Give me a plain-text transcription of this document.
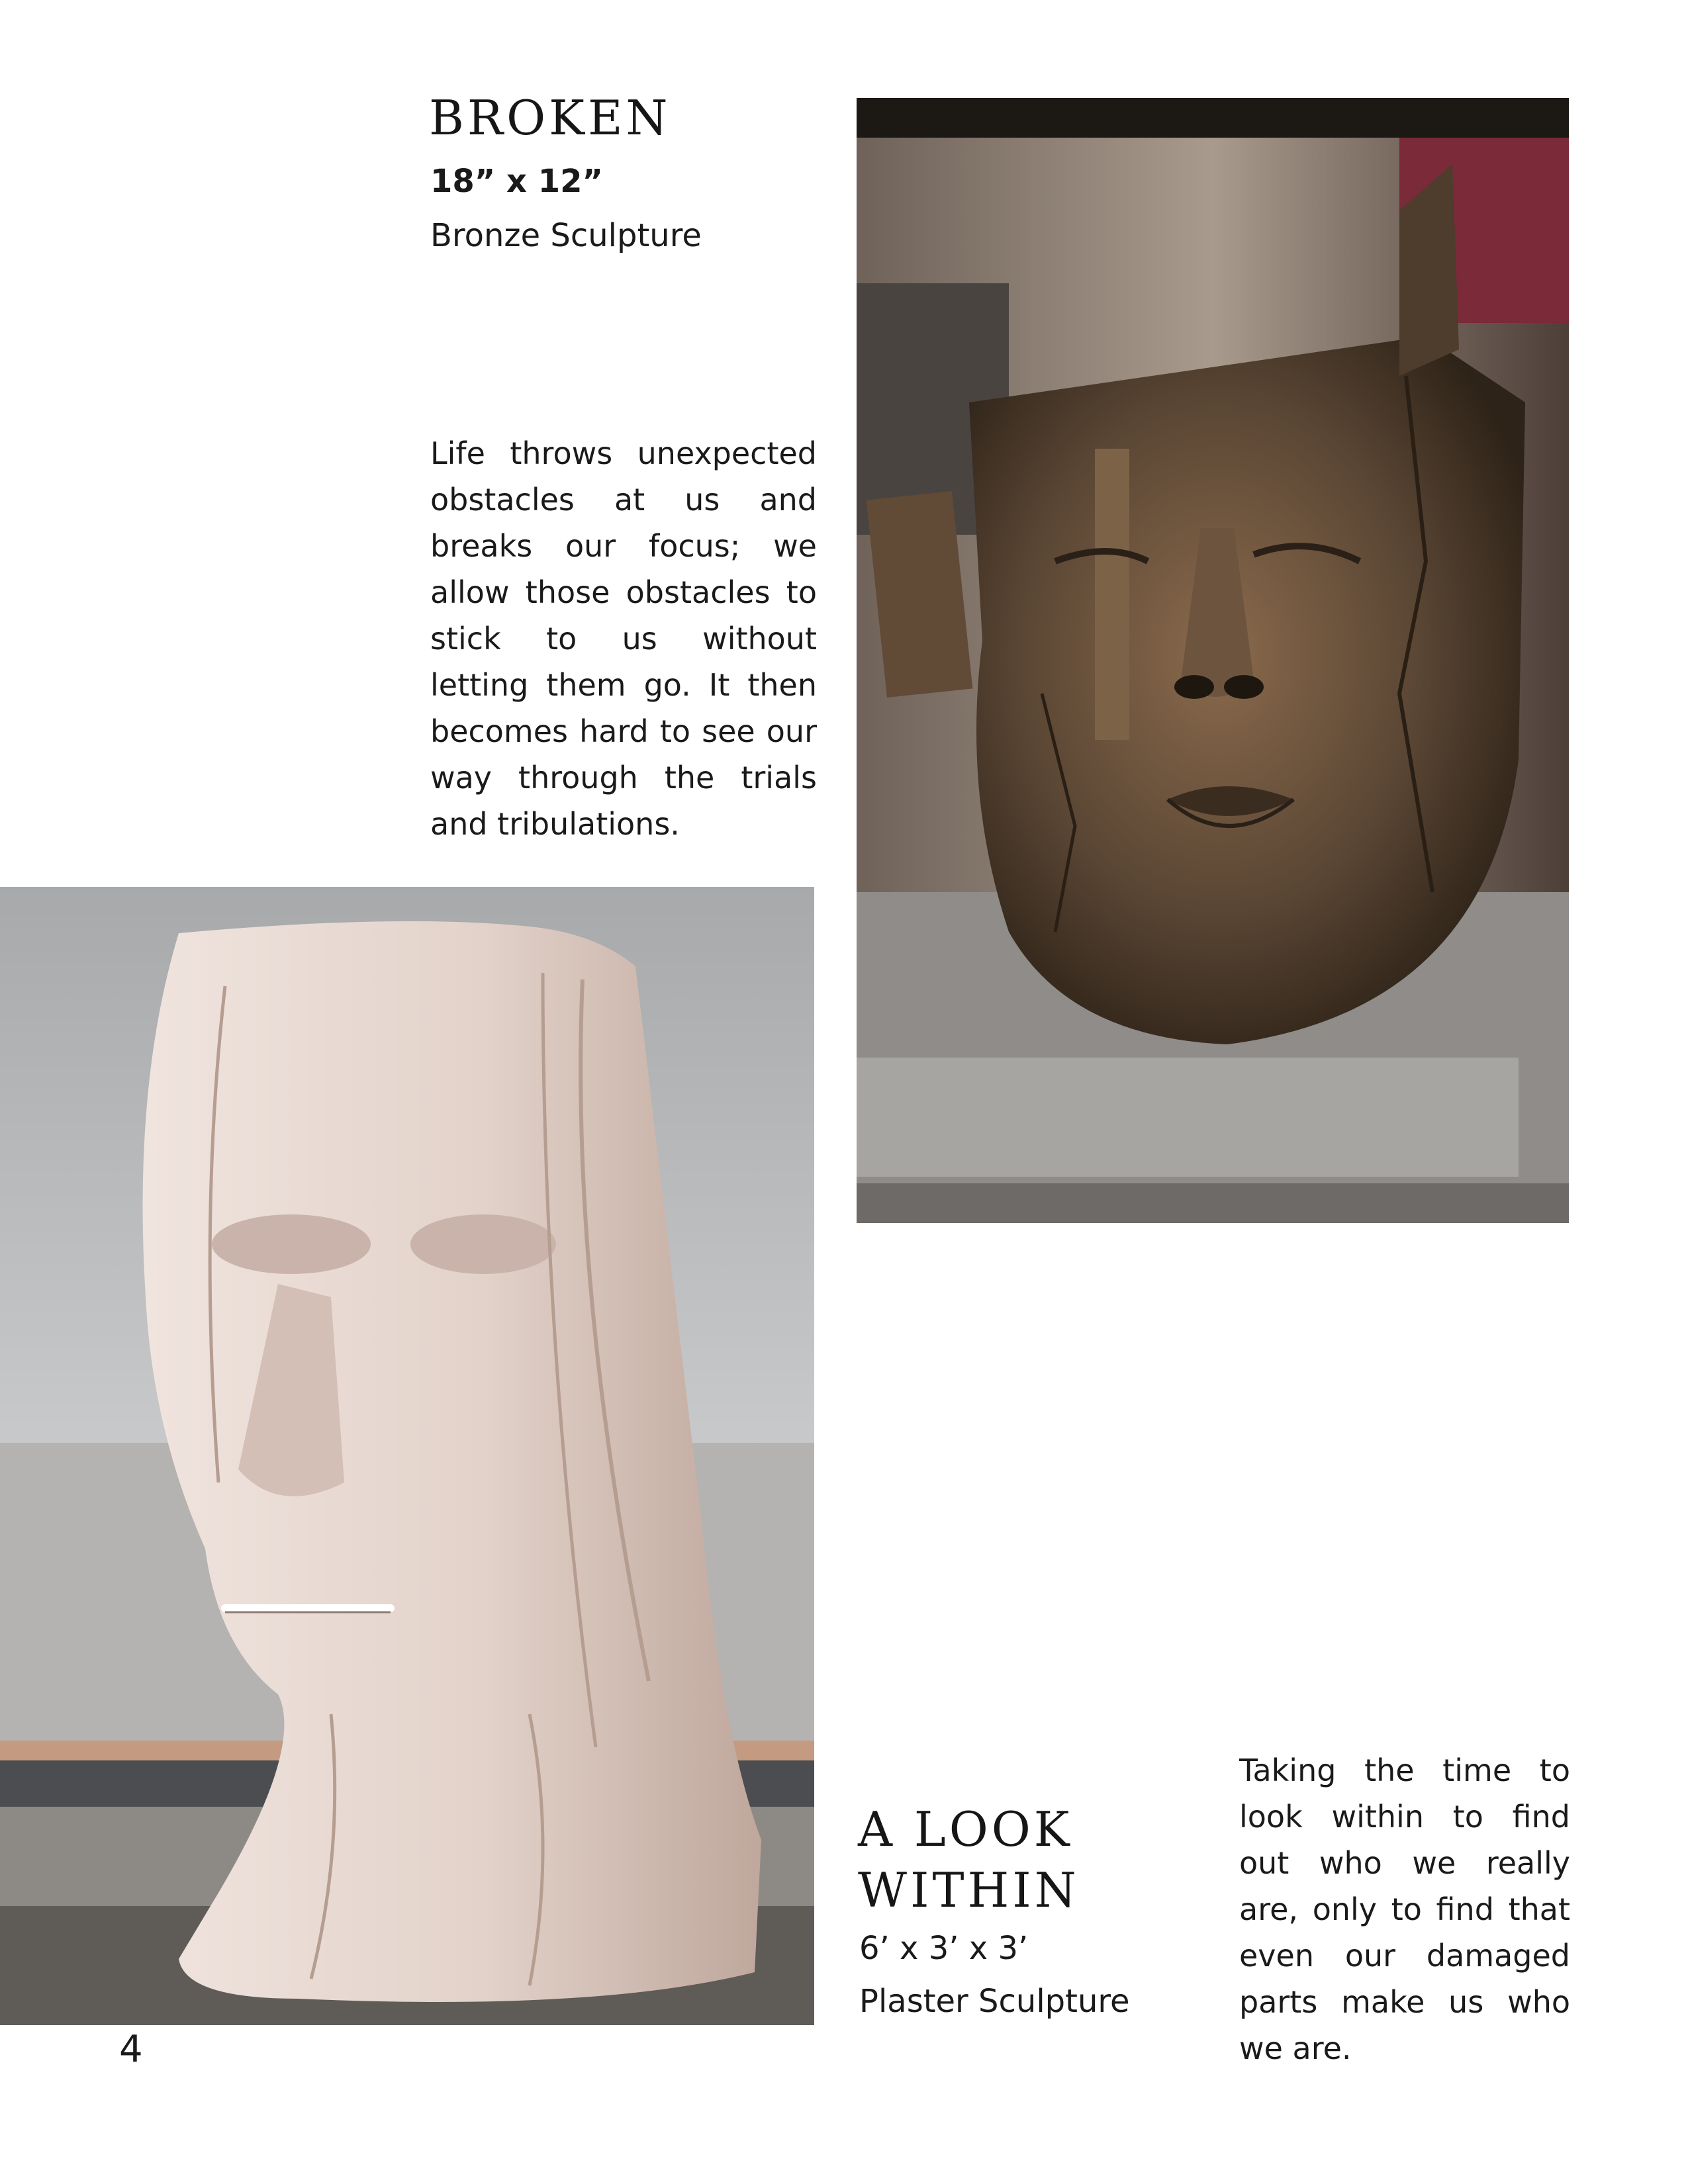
BROKEN
18” x 12”
Bronze Sculpture

Life throws unexpected obstacles at us and breaks our focus; we allow those obstacles to stick to us without letting them go. It then becomes hard to see our way through the trials and tribulations.

A LOOK
WITHIN
6’ x 3’ x 3’
Plaster Sculpture

Taking the time to look within to find out who we really are, only to find that even our damaged parts make us who we are.

4
